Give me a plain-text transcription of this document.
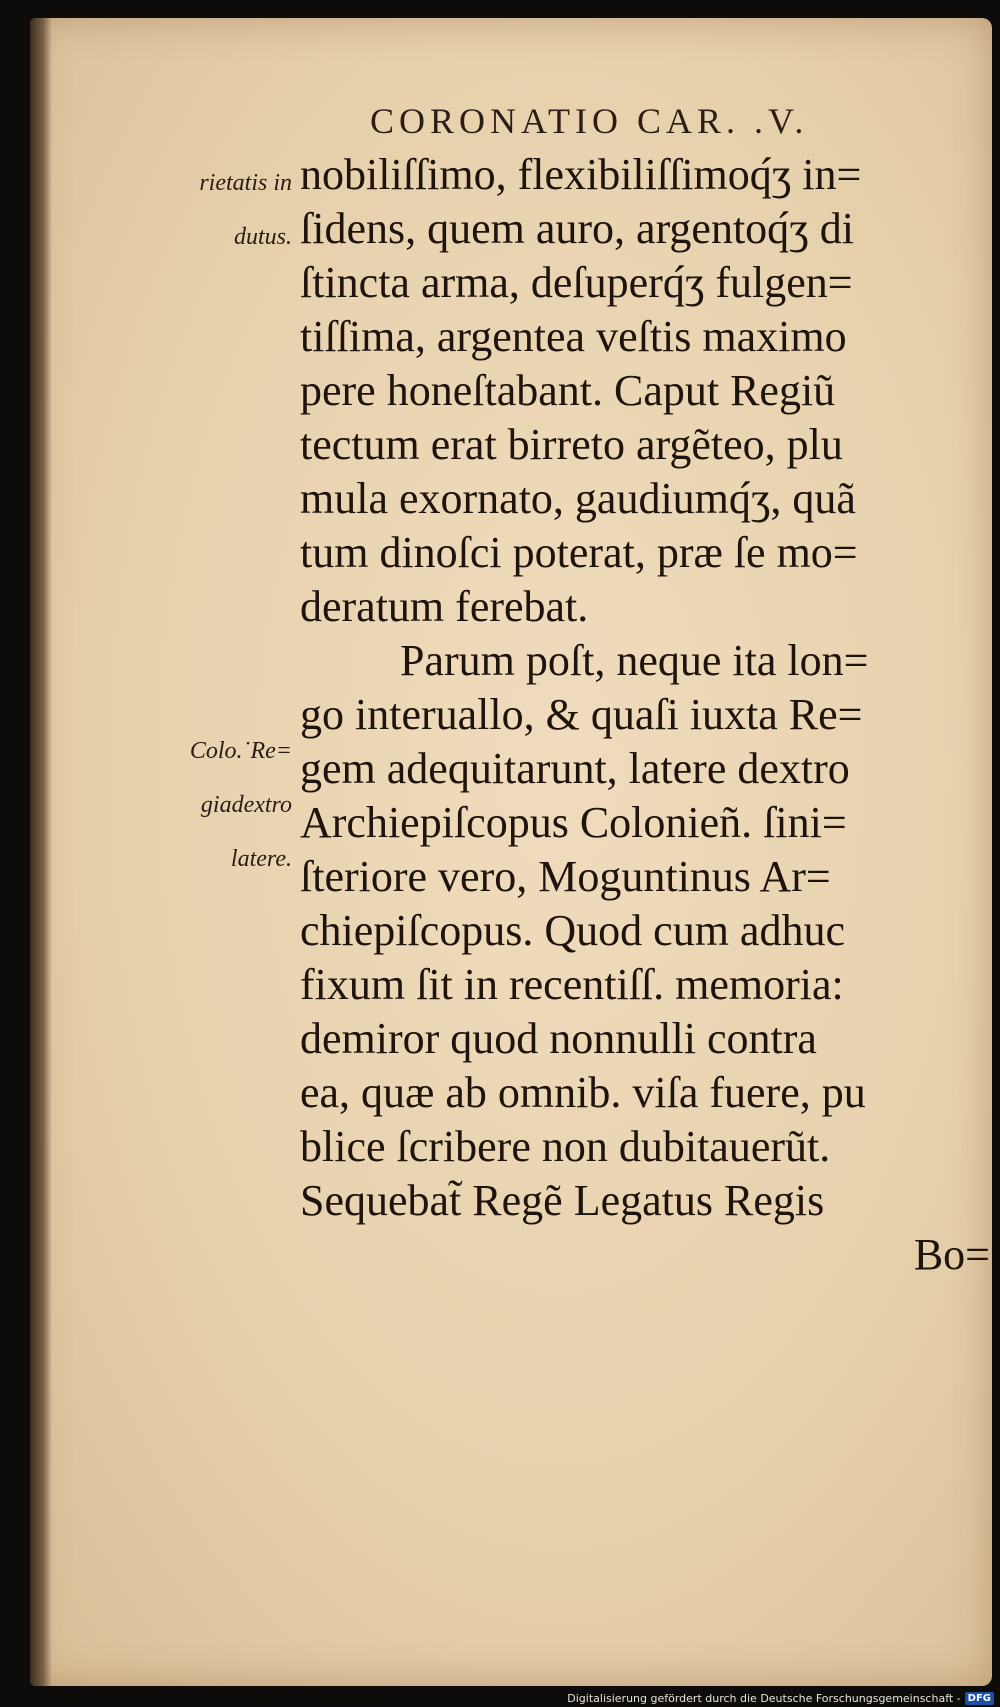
CORONATIO CAR. .V.
rietatis in
dutus.
Colo.˙Re=
giadextro
latere.
nobiliſſimo, flexibiliſſimoq́ʒ in=
ſidens, quem auro, argentoq́ʒ di
ſtincta arma, deſuperq́ʒ fulgen=
tiſſima, argentea veſtis maximo
pere honeſtabant. Caput Regiũ
tectum erat birreto argẽteo, plu
mula exornato, gaudiumq́ʒ, quã
tum dinoſci poterat, præ ſe mo=
deratum ferebat.
Parum poſt, neque ita lon=
go interuallo, & quaſi iuxta Re=
gem adequitarunt, latere dextro
Archiepiſcopus Colonieñ. ſini=
ſteriore vero, Moguntinus Ar=
chiepiſcopus. Quod cum adhuc
fixum ſit in recentiſſ. memoria:
demiror quod nonnulli contra
ea, quæ ab omnib. viſa fuere, pu
blice ſcribere non dubitauerũt.
Sequebat̃ Regẽ Legatus Regis
Bo=
Digitalisierung gefördert durch die Deutsche Forschungsgemeinschaft - DFG
